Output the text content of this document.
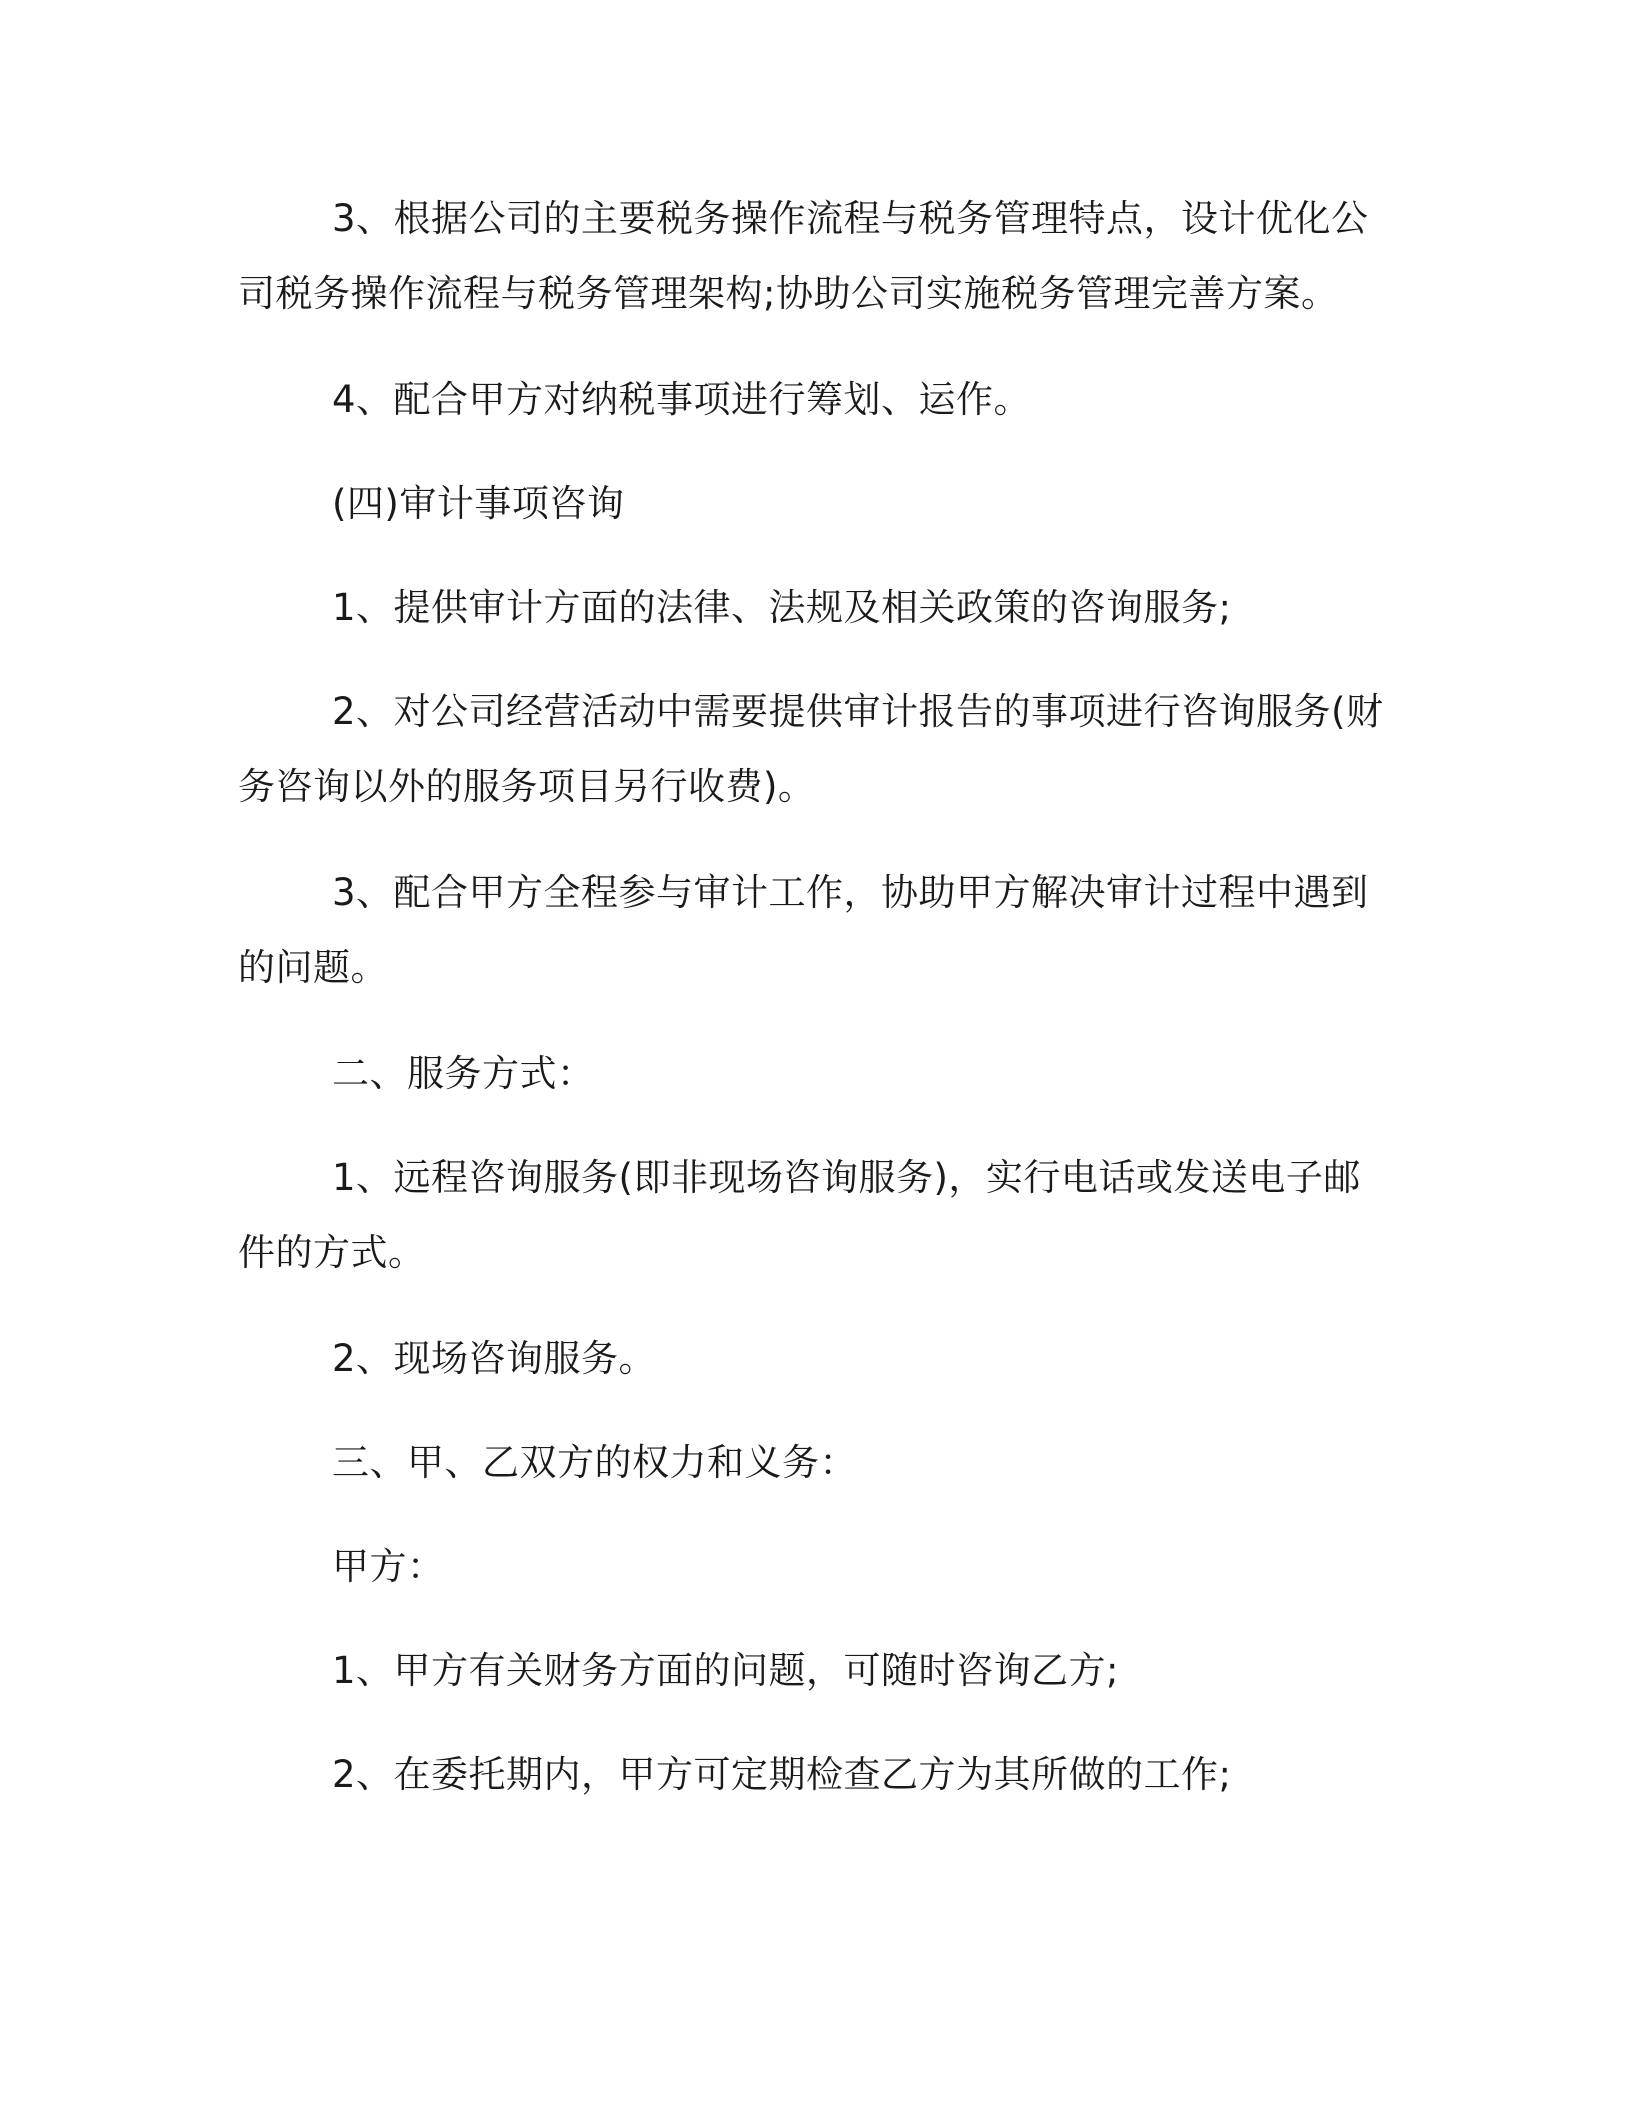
3、根据公司的主要税务操作流程与税务管理特点，设计优化公司税务操作流程与税务管理架构;协助公司实施税务管理完善方案。

4、配合甲方对纳税事项进行筹划、运作。

(四)审计事项咨询

1、提供审计方面的法律、法规及相关政策的咨询服务;

2、对公司经营活动中需要提供审计报告的事项进行咨询服务(财务咨询以外的服务项目另行收费)。

3、配合甲方全程参与审计工作，协助甲方解决审计过程中遇到的问题。

二、服务方式：

1、远程咨询服务(即非现场咨询服务)，实行电话或发送电子邮件的方式。

2、现场咨询服务。

三、甲、乙双方的权力和义务：

甲方：

1、甲方有关财务方面的问题，可随时咨询乙方;

2、在委托期内，甲方可定期检查乙方为其所做的工作;
